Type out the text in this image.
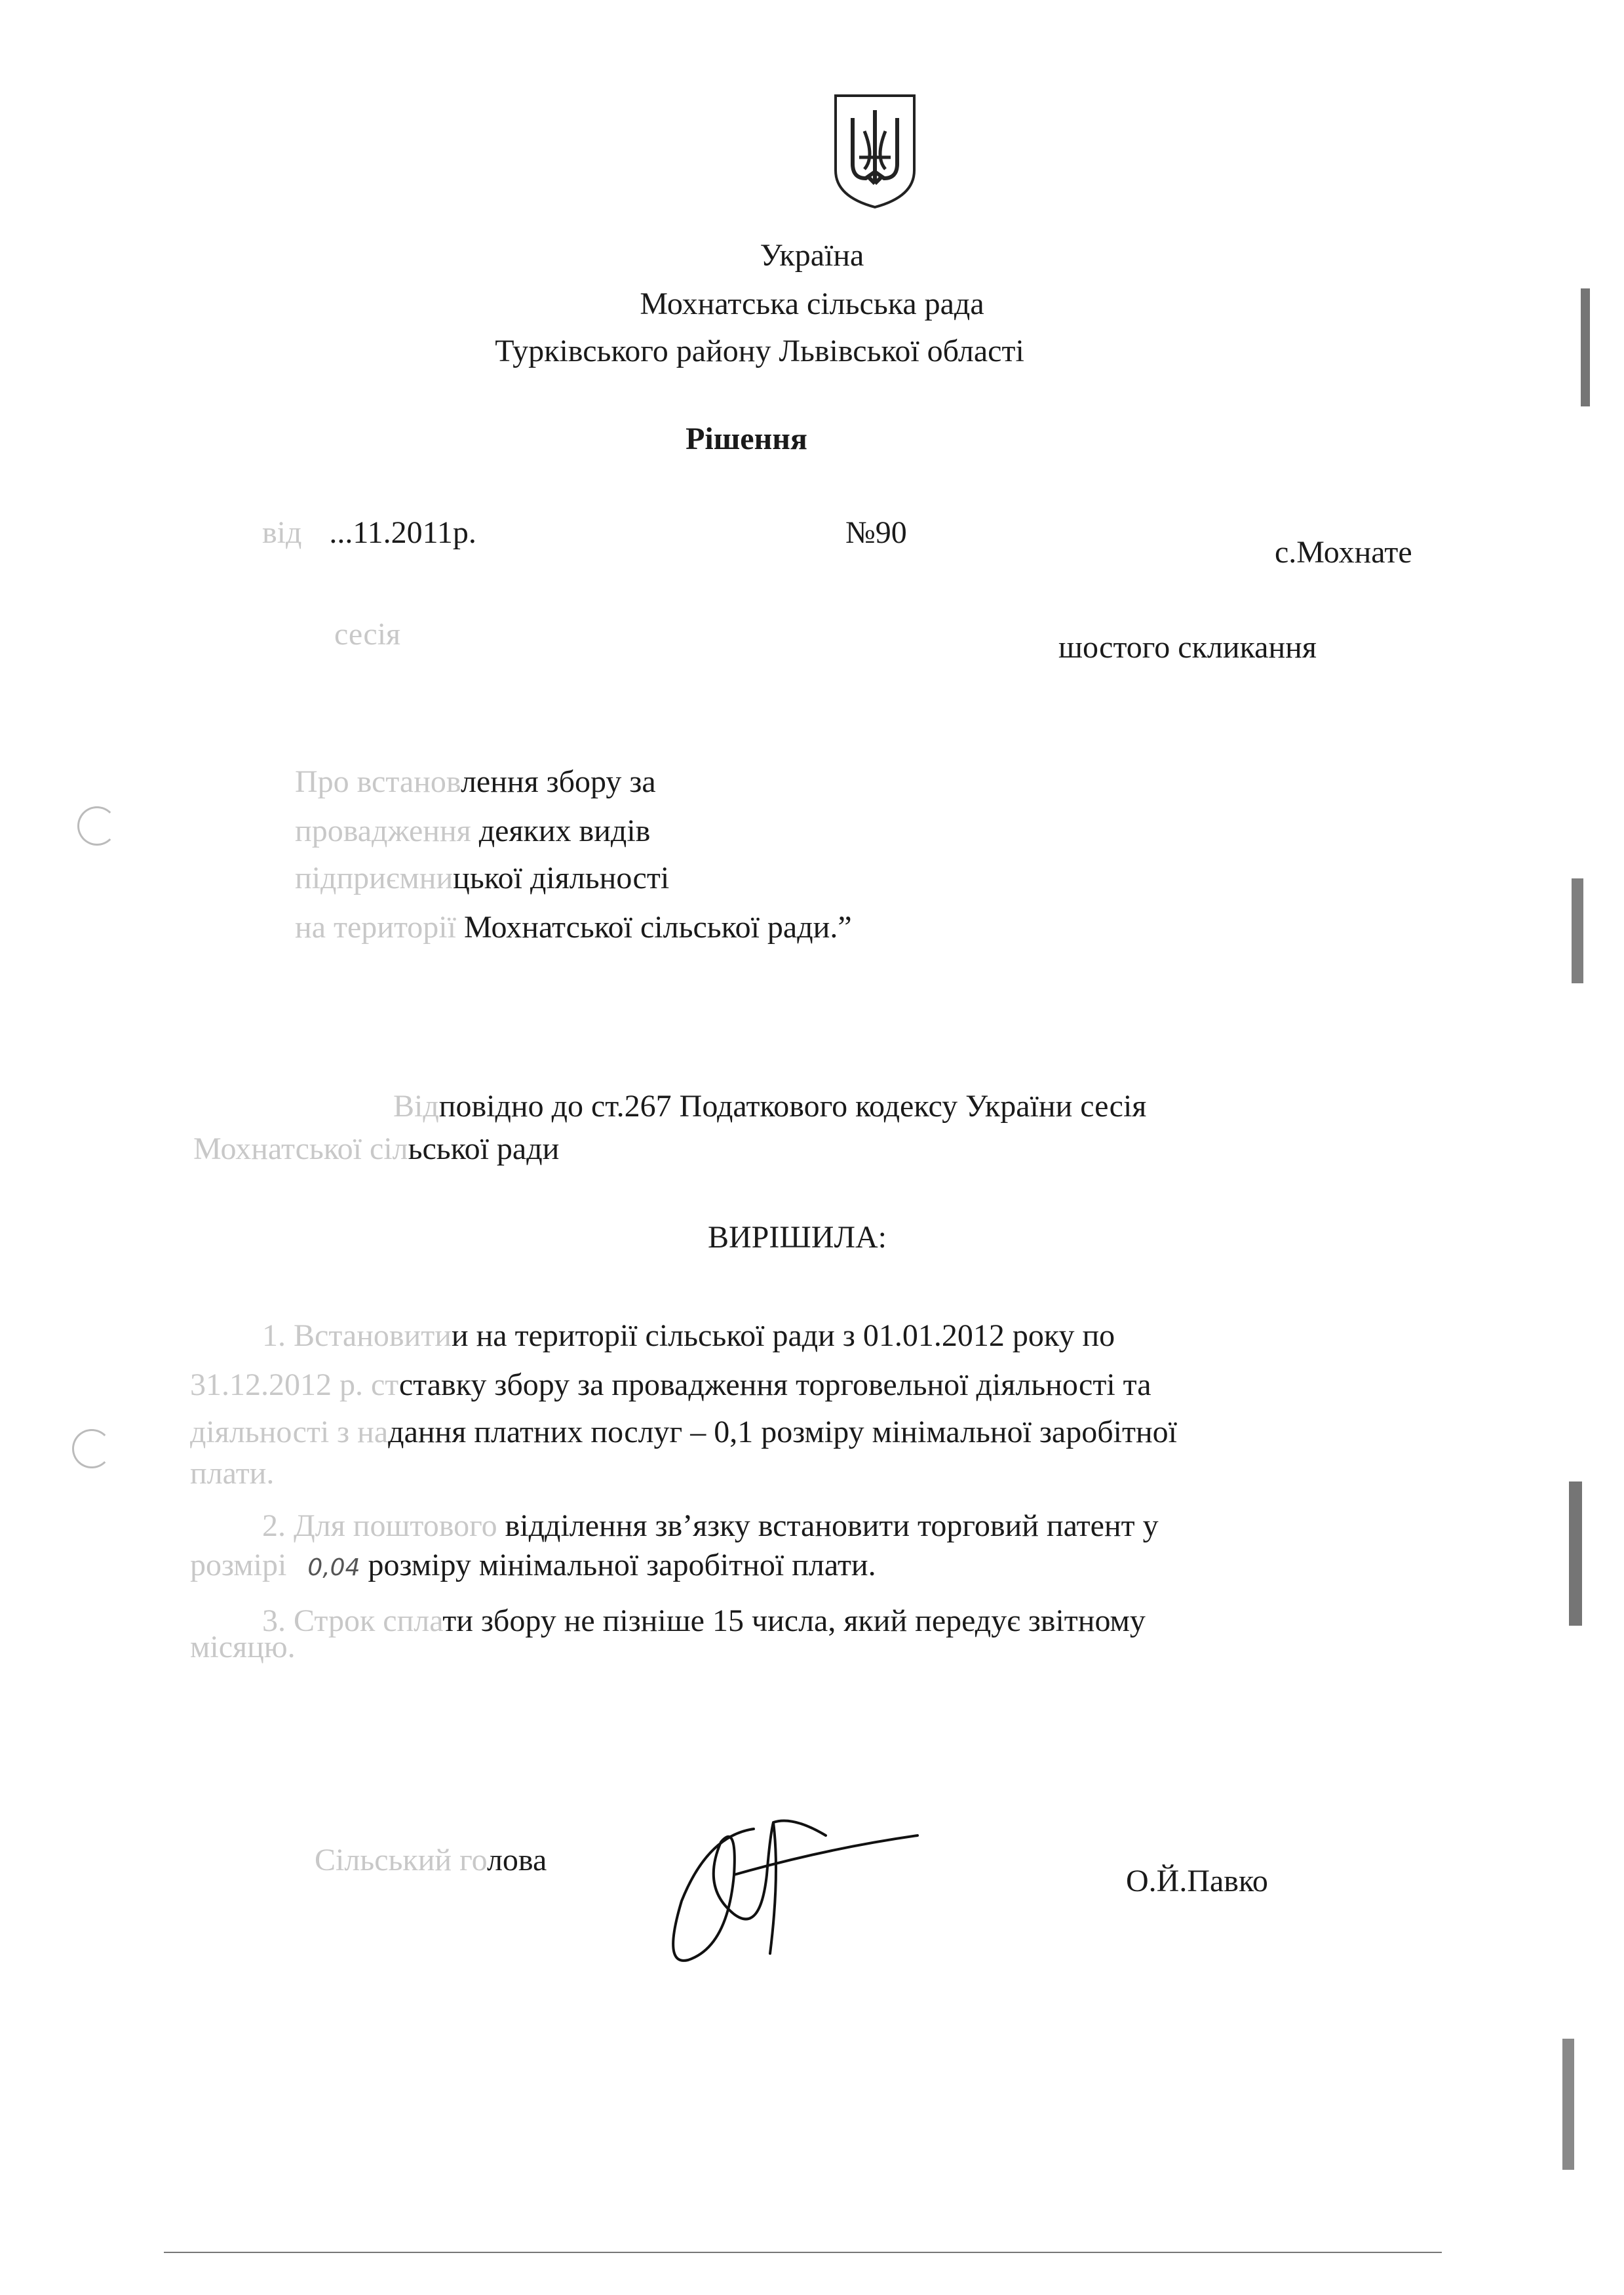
Україна
Мохнатська сільська рада
Турківського району Львівської області
Рішення
від ...11.2011р.	№90
с.Мохнате
сесія	шостого скликання
Про встановлення збору за
провадження деяких видів
підприємницької діяльності
на території Мохнатської сільської ради.”
Відповідно до ст.267 Податкового кодексу України сесія
Мохнатської сільської ради
ВИРІШИЛА:
1. Встановитии на території сільської ради з 01.01.2012 року по
31.12.2012 р. стставку збору за провадження торговельної діяльності та
діяльності з надання платних послуг – 0,1 розміру мінімальної заробітної
плати.
2. Для поштового відділення зв’язку встановити торговий патент у
розмірі 0,04 розміру мінімальної заробітної плати.
3. Строк сплати збору не пізніше 15 числа, який передує звітному
місяцю.
Сільський голова
О.Й.Павко
